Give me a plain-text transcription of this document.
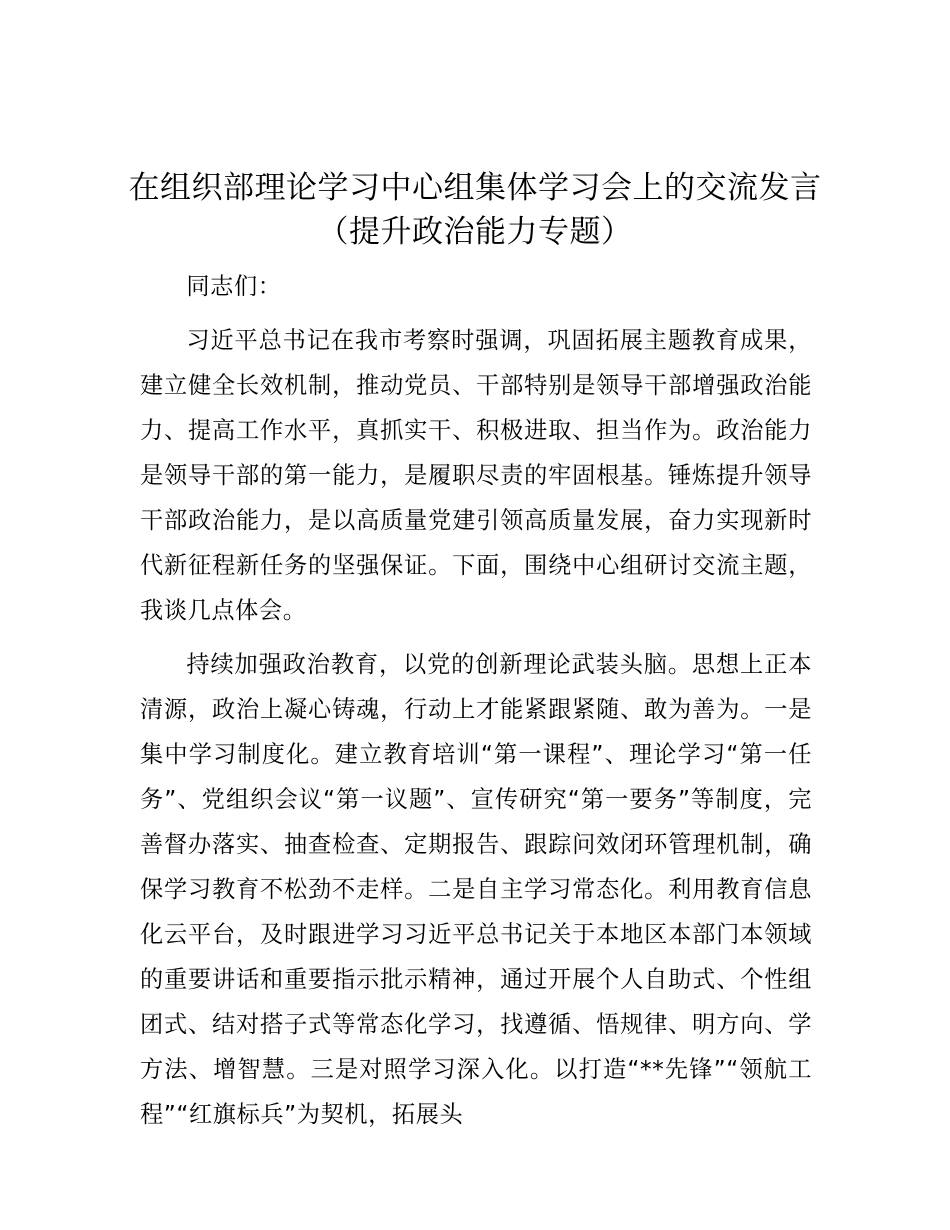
在组织部理论学习中心组集体学习会上的交流发言（提升政治能力专题）

同志们：

习近平总书记在我市考察时强调，巩固拓展主题教育成果，建立健全长效机制，推动党员、干部特别是领导干部增强政治能力、提高工作水平，真抓实干、积极进取、担当作为。政治能力是领导干部的第一能力，是履职尽责的牢固根基。锤炼提升领导干部政治能力，是以高质量党建引领高质量发展，奋力实现新时代新征程新任务的坚强保证。下面，围绕中心组研讨交流主题，我谈几点体会。

持续加强政治教育，以党的创新理论武装头脑。思想上正本清源，政治上凝心铸魂，行动上才能紧跟紧随、敢为善为。一是集中学习制度化。建立教育培训“第一课程”、理论学习“第一任务”、党组织会议“第一议题”、宣传研究“第一要务”等制度，完善督办落实、抽查检查、定期报告、跟踪问效闭环管理机制，确保学习教育不松劲不走样。二是自主学习常态化。利用教育信息化云平台，及时跟进学习习近平总书记关于本地区本部门本领域的重要讲话和重要指示批示精神，通过开展个人自助式、个性组团式、结对搭子式等常态化学习，找遵循、悟规律、明方向、学方法、增智慧。三是对照学习深入化。以打造“**先锋”“领航工程”“红旗标兵”为契机，拓展头
